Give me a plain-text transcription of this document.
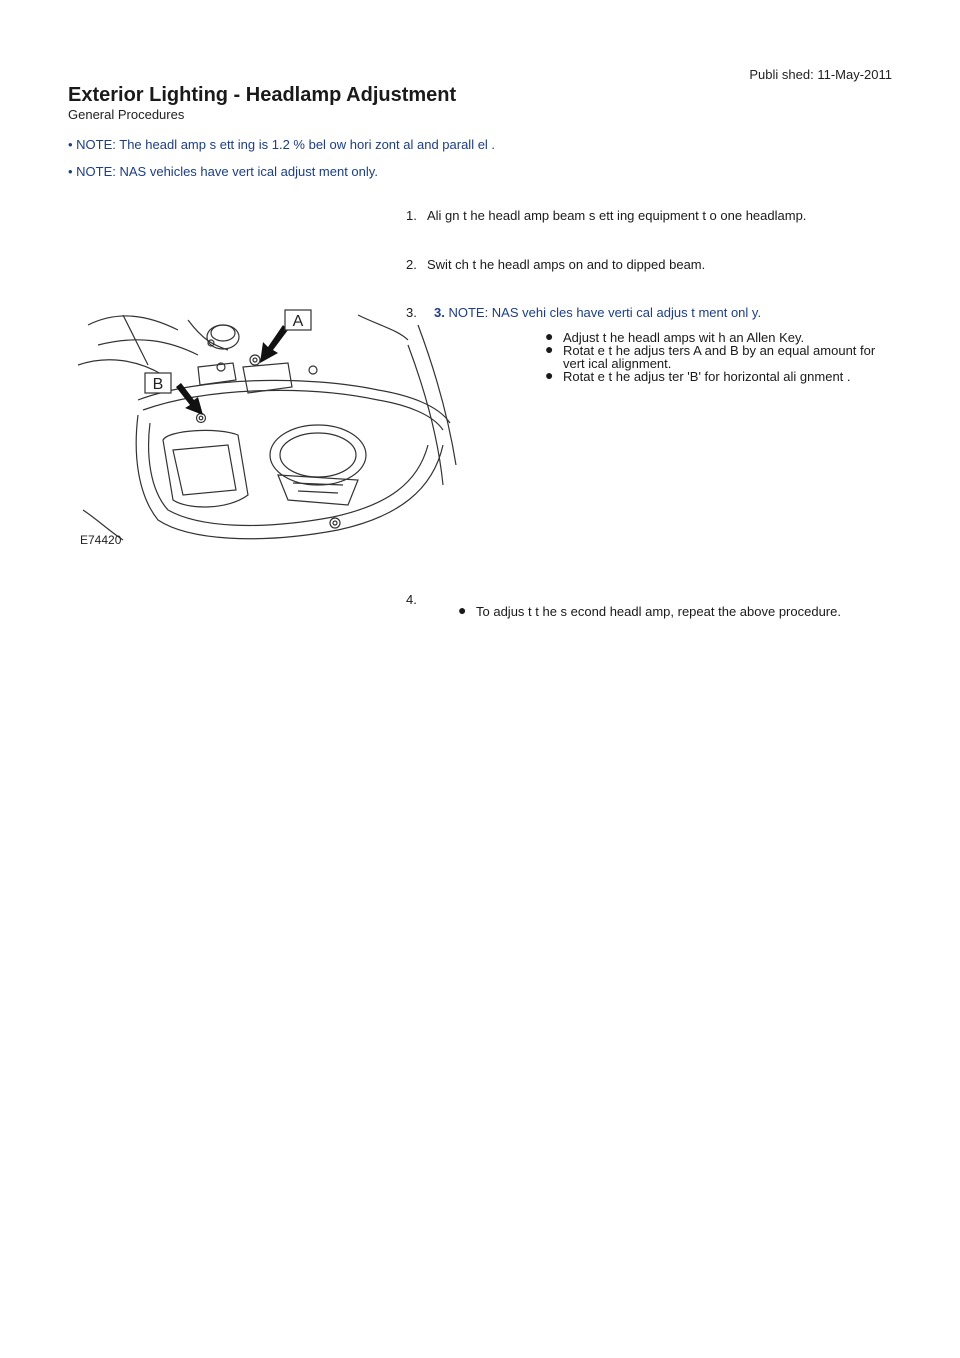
Publi shed: 11-May-2011
Exterior Lighting - Headlamp Adjustment
General Procedures
• NOTE: The headl amp s ett ing is 1.2 % bel ow hori zont al and parall el .
• NOTE: NAS vehicles have vert ical adjust ment only.
1. Ali gn t he headl amp beam s ett ing equipment t o one headlamp.
2. Swit ch t he headl amps on and to dipped beam.
3. 3. NOTE: NAS vehi cles have verti cal adjus t ment onl y.
● Adjust t he headl amps wit h an Allen Key.
● Rotat e t he adjus ters A and B by an equal amount for vert ical alignment.
● Rotat e t he adjus ter 'B' for horizontal ali gnment .
4.
● To adjus t t he s econd headl amp, repeat the above procedure.
A
B
E74420
